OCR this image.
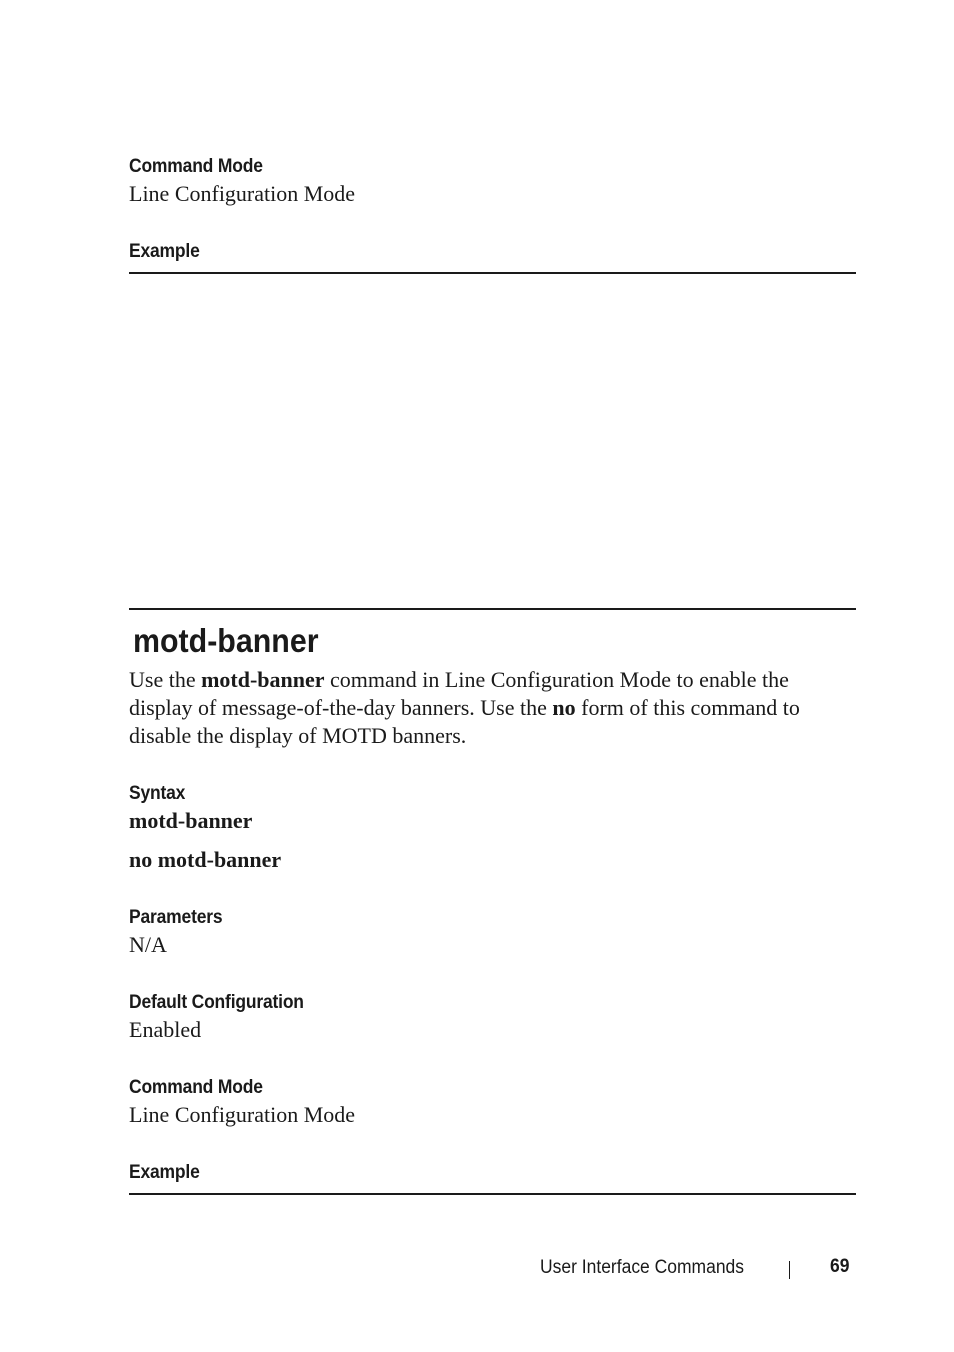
Command Mode
Line Configuration Mode
Example
motd-banner
Use the motd-banner command in Line Configuration Mode to enable the
display of message-of-the-day banners. Use the no form of this command to
disable the display of MOTD banners.
Syntax
motd-banner
no motd-banner
Parameters
N/A
Default Configuration
Enabled
Command Mode
Line Configuration Mode
Example
User Interface Commands	69
